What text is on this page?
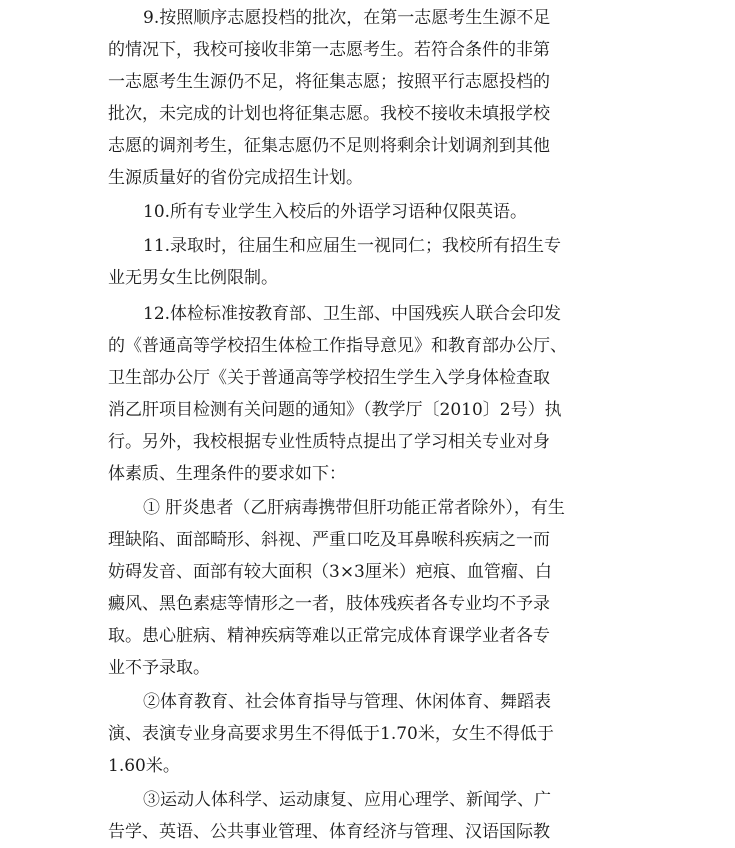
9.按照顺序志愿投档的批次，在第一志愿考生生源不足
的情况下，我校可接收非第一志愿考生。若符合条件的非第
一志愿考生生源仍不足，将征集志愿；按照平行志愿投档的
批次，未完成的计划也将征集志愿。我校不接收未填报学校
志愿的调剂考生，征集志愿仍不足则将剩余计划调剂到其他
生源质量好的省份完成招生计划。
10.所有专业学生入校后的外语学习语种仅限英语。
11.录取时，往届生和应届生一视同仁；我校所有招生专
业无男女生比例限制。
12.体检标准按教育部、卫生部、中国残疾人联合会印发
的《普通高等学校招生体检工作指导意见》和教育部办公厅、
卫生部办公厅《关于普通高等学校招生学生入学身体检查取
消乙肝项目检测有关问题的通知》（教学厅〔2010〕2号）执
行。另外，我校根据专业性质特点提出了学习相关专业对身
体素质、生理条件的要求如下：
① 肝炎患者（乙肝病毒携带但肝功能正常者除外），有生
理缺陷、面部畸形、斜视、严重口吃及耳鼻喉科疾病之一而
妨碍发音、面部有较大面积（3×3厘米）疤痕、血管瘤、白
癜风、黑色素痣等情形之一者，肢体残疾者各专业均不予录
取。患心脏病、精神疾病等难以正常完成体育课学业者各专
业不予录取。
②体育教育、社会体育指导与管理、休闲体育、舞蹈表
演、表演专业身高要求男生不得低于1.70米，女生不得低于
1.60米。
③运动人体科学、运动康复、应用心理学、新闻学、广
告学、英语、公共事业管理、体育经济与管理、汉语国际教
